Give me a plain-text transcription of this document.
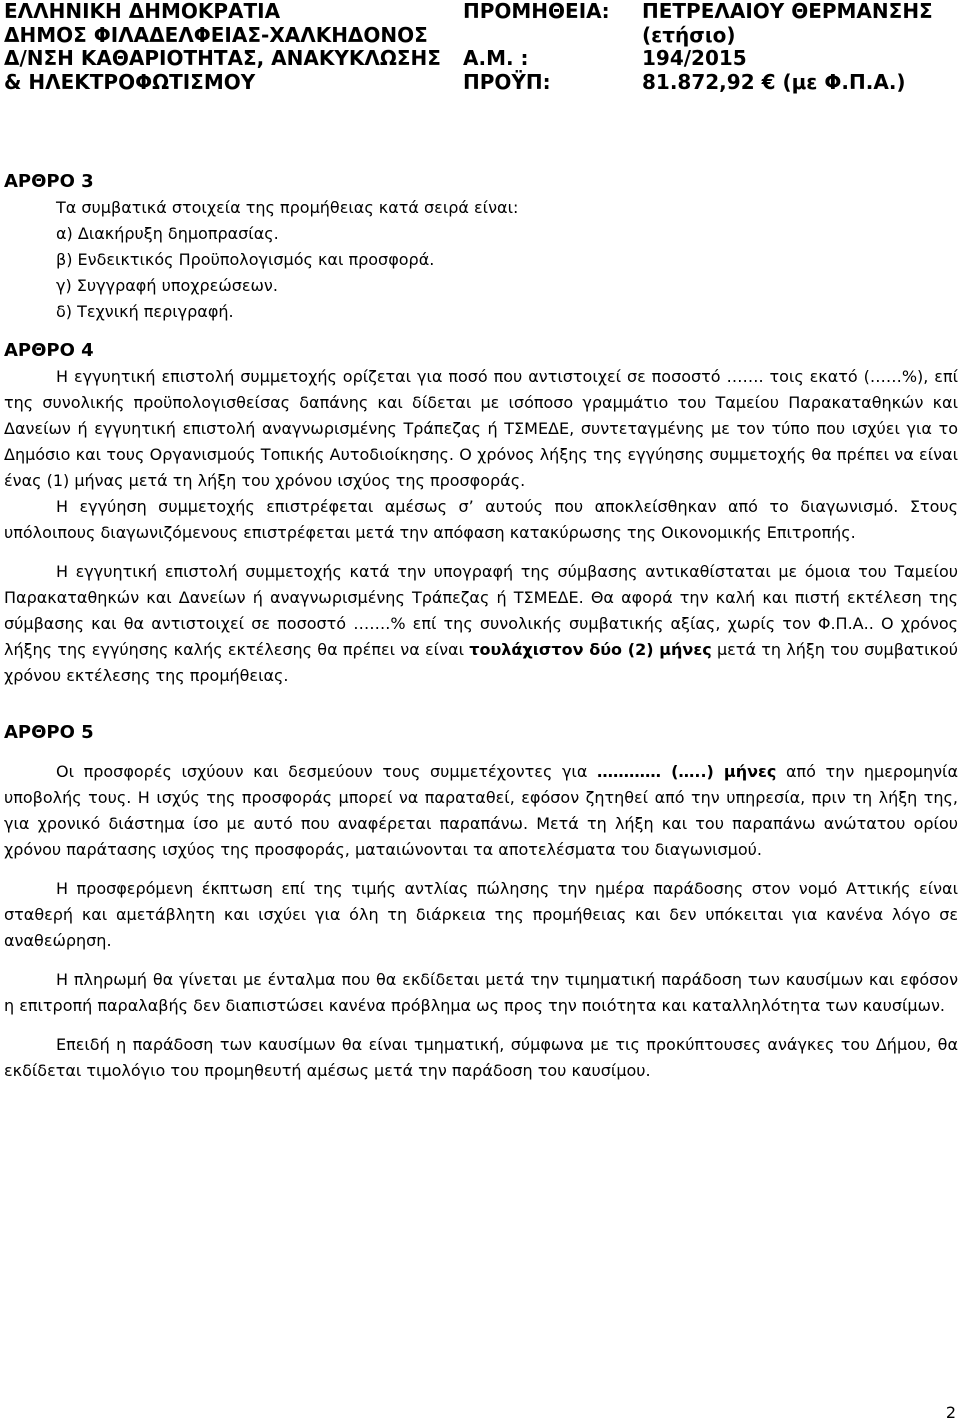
ΕΛΛΗΝΙΚΗ ΔΗΜΟΚΡΑΤΙΑ
ΔΗΜΟΣ ΦΙΛΑΔΕΛΦΕΙΑΣ-ΧΑΛΚΗΔΟΝΟΣ
Δ/ΝΣΗ ΚΑΘΑΡΙΟΤΗΤΑΣ, ΑΝΑΚΥΚΛΩΣΗΣ
& ΗΛΕΚΤΡΟΦΩΤΙΣΜΟΥ
ΠΡΟΜΗΘΕΙΑ:

Α.Μ. :
ΠΡΟΫΠ:
ΠΕΤΡΕΛΑΙΟΥ ΘΕΡΜΑΝΣΗΣ
(ετήσιο)
194/2015
81.872,92 € (με Φ.Π.Α.)
ΑΡΘΡΟ 3
Τα συμβατικά στοιχεία της προμήθειας κατά σειρά είναι:
α) Διακήρυξη δημοπρασίας.
β) Ενδεικτικός Προϋπολογισμός και προσφορά.
γ) Συγγραφή υποχρεώσεων.
δ) Τεχνική περιγραφή.
ΑΡΘΡΟ 4

Η εγγυητική επιστολή συμμετοχής ορίζεται για ποσό που αντιστοιχεί σε ποσοστό ……. τοις εκατό (……%), επί της συνολικής προϋπολογισθείσας δαπάνης και δίδεται με ισόποσο γραμμάτιο του Ταμείου Παρακαταθηκών και Δανείων ή εγγυητική επιστολή αναγνωρισμένης Τράπεζας ή ΤΣΜΕΔΕ, συντεταγμένης με τον τύπο που ισχύει για το Δημόσιο και τους Οργανισμούς Τοπικής Αυτοδιοίκησης. Ο χρόνος λήξης της εγγύησης συμμετοχής θα πρέπει να είναι ένας (1) μήνας μετά τη λήξη του χρόνου ισχύος της προσφοράς.

Η εγγύηση συμμετοχής επιστρέφεται αμέσως σ’ αυτούς που αποκλείσθηκαν από το διαγωνισμό. Στους υπόλοιπους διαγωνιζόμενους επιστρέφεται μετά την απόφαση κατακύρωσης της Οικονομικής Επιτροπής.

Η εγγυητική επιστολή συμμετοχής κατά την υπογραφή της σύμβασης αντικαθίσταται με όμοια του Ταμείου Παρακαταθηκών και Δανείων ή αναγνωρισμένης Τράπεζας ή ΤΣΜΕΔΕ. Θα αφορά την καλή και πιστή εκτέλεση της σύμβασης και θα αντιστοιχεί σε ποσοστό …….% επί της συνολικής συμβατικής αξίας, χωρίς τον Φ.Π.Α.. Ο χρόνος λήξης της εγγύησης καλής εκτέλεσης θα πρέπει να είναι τουλάχιστον δύο (2) μήνες μετά τη λήξη του συμβατικού χρόνου εκτέλεσης της προμήθειας.

ΑΡΘΡΟ 5

Οι προσφορές ισχύουν και δεσμεύουν τους συμμετέχοντες για ………… (…..) μήνες από την ημερομηνία υποβολής τους. Η ισχύς της προσφοράς μπορεί να παραταθεί, εφόσον ζητηθεί από την υπηρεσία, πριν τη λήξη της, για χρονικό διάστημα ίσο με αυτό που αναφέρεται παραπάνω. Μετά τη λήξη και του παραπάνω ανώτατου ορίου χρόνου παράτασης ισχύος της προσφοράς, ματαιώνονται τα αποτελέσματα του διαγωνισμού.

Η προσφερόμενη έκπτωση επί της τιμής αντλίας πώλησης την ημέρα παράδοσης στον νομό Αττικής είναι σταθερή και αμετάβλητη και ισχύει για όλη τη διάρκεια της προμήθειας και δεν υπόκειται για κανένα λόγο σε αναθεώρηση.

Η πληρωμή θα γίνεται με ένταλμα που θα εκδίδεται μετά την τιμηματική παράδοση των καυσίμων και εφόσον η επιτροπή παραλαβής δεν διαπιστώσει κανένα πρόβλημα ως προς την ποιότητα και καταλληλότητα των καυσίμων.

Επειδή η παράδοση των καυσίμων θα είναι τμηματική, σύμφωνα με τις προκύπτουσες ανάγκες του Δήμου, θα εκδίδεται τιμολόγιο του προμηθευτή αμέσως μετά την παράδοση του καυσίμου.

2
